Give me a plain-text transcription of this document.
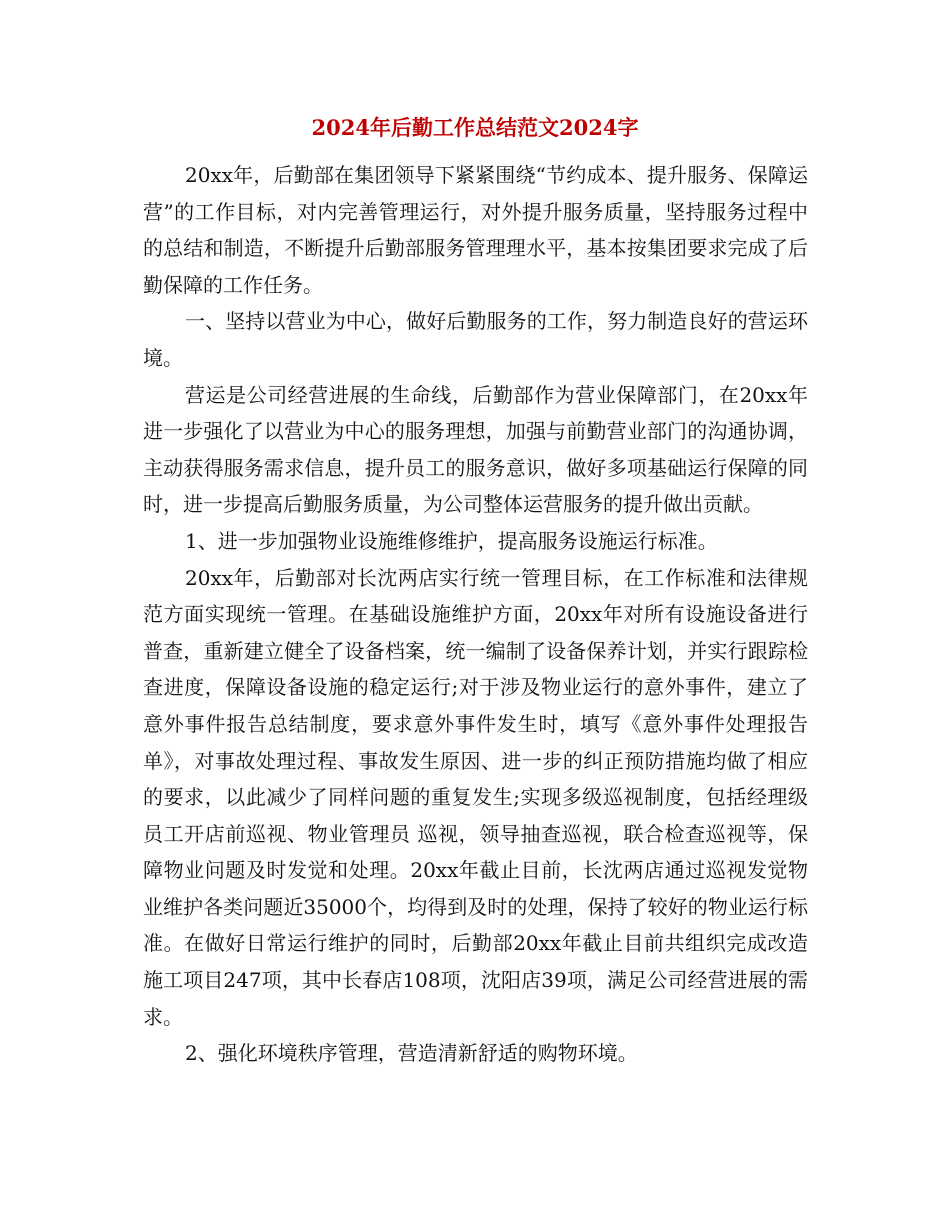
2024年后勤工作总结范文2024字

20xx年，后勤部在集团领导下紧紧围绕“节约成本、提升服务、保障运营”的工作目标，对内完善管理运行，对外提升服务质量，坚持服务过程中的总结和制造，不断提升后勤部服务管理理水平，基本按集团要求完成了后勤保障的工作任务。

一、坚持以营业为中心，做好后勤服务的工作，努力制造良好的营运环境。

营运是公司经营进展的生命线，后勤部作为营业保障部门，在20xx年进一步强化了以营业为中心的服务理想，加强与前勤营业部门的沟通协调，主动获得服务需求信息，提升员工的服务意识，做好多项基础运行保障的同时，进一步提高后勤服务质量，为公司整体运营服务的提升做出贡献。

1、进一步加强物业设施维修维护，提高服务设施运行标准。

20xx年，后勤部对长沈两店实行统一管理目标，在工作标准和法律规范方面实现统一管理。在基础设施维护方面，20xx年对所有设施设备进行普查，重新建立健全了设备档案，统一编制了设备保养计划，并实行跟踪检查进度，保障设备设施的稳定运行;对于涉及物业运行的意外事件，建立了意外事件报告总结制度，要求意外事件发生时，填写《意外事件处理报告单》，对事故处理过程、事故发生原因、进一步的纠正预防措施均做了相应的要求，以此减少了同样问题的重复发生;实现多级巡视制度，包括经理级员工开店前巡视、物业管理员 巡视，领导抽查巡视，联合检查巡视等，保障物业问题及时发觉和处理。20xx年截止目前，长沈两店通过巡视发觉物业维护各类问题近35000个，均得到及时的处理，保持了较好的物业运行标准。在做好日常运行维护的同时，后勤部20xx年截止目前共组织完成改造施工项目247项，其中长春店108项，沈阳店39项，满足公司经营进展的需求。

2、强化环境秩序管理，营造清新舒适的购物环境。
